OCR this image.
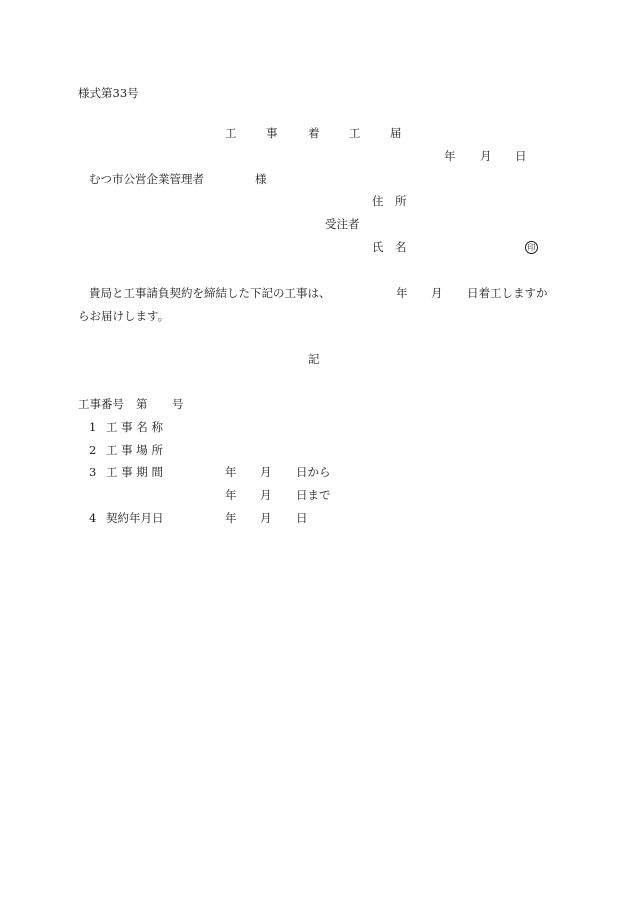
様式第33号
工	事	着	工	届
年 月 日
むつ市公営企業管理者	様
住　所
受注者
氏　名	印
貴局と工事請負契約を締結した下記の工事は、	年 月 日着工しますか
らお届けします。
記
工事番号 第 号
1 工 事 名 称
2 工 事 場 所
3 工 事 期 間	年 月 日から
年 月 日まで
4 契約年月日	年 月 日
